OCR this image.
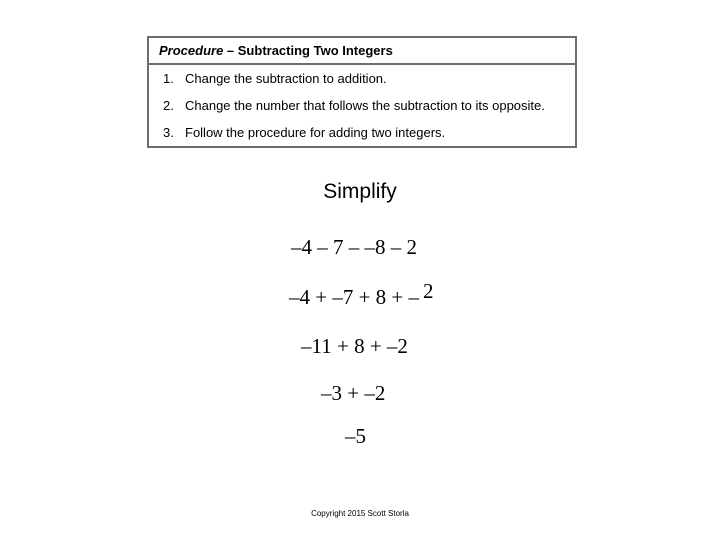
Procedure – Subtracting Two Integers
1. Change the subtraction to addition.
2. Change the number that follows the subtraction to its opposite.
3. Follow the procedure for adding two integers.
Simplify
–4 – 7 – –8 – 2
–4 + –7 + 8 + – 2
–11 + 8 + –2
–3 + –2
–5
Copyright 2015 Scott Storla
